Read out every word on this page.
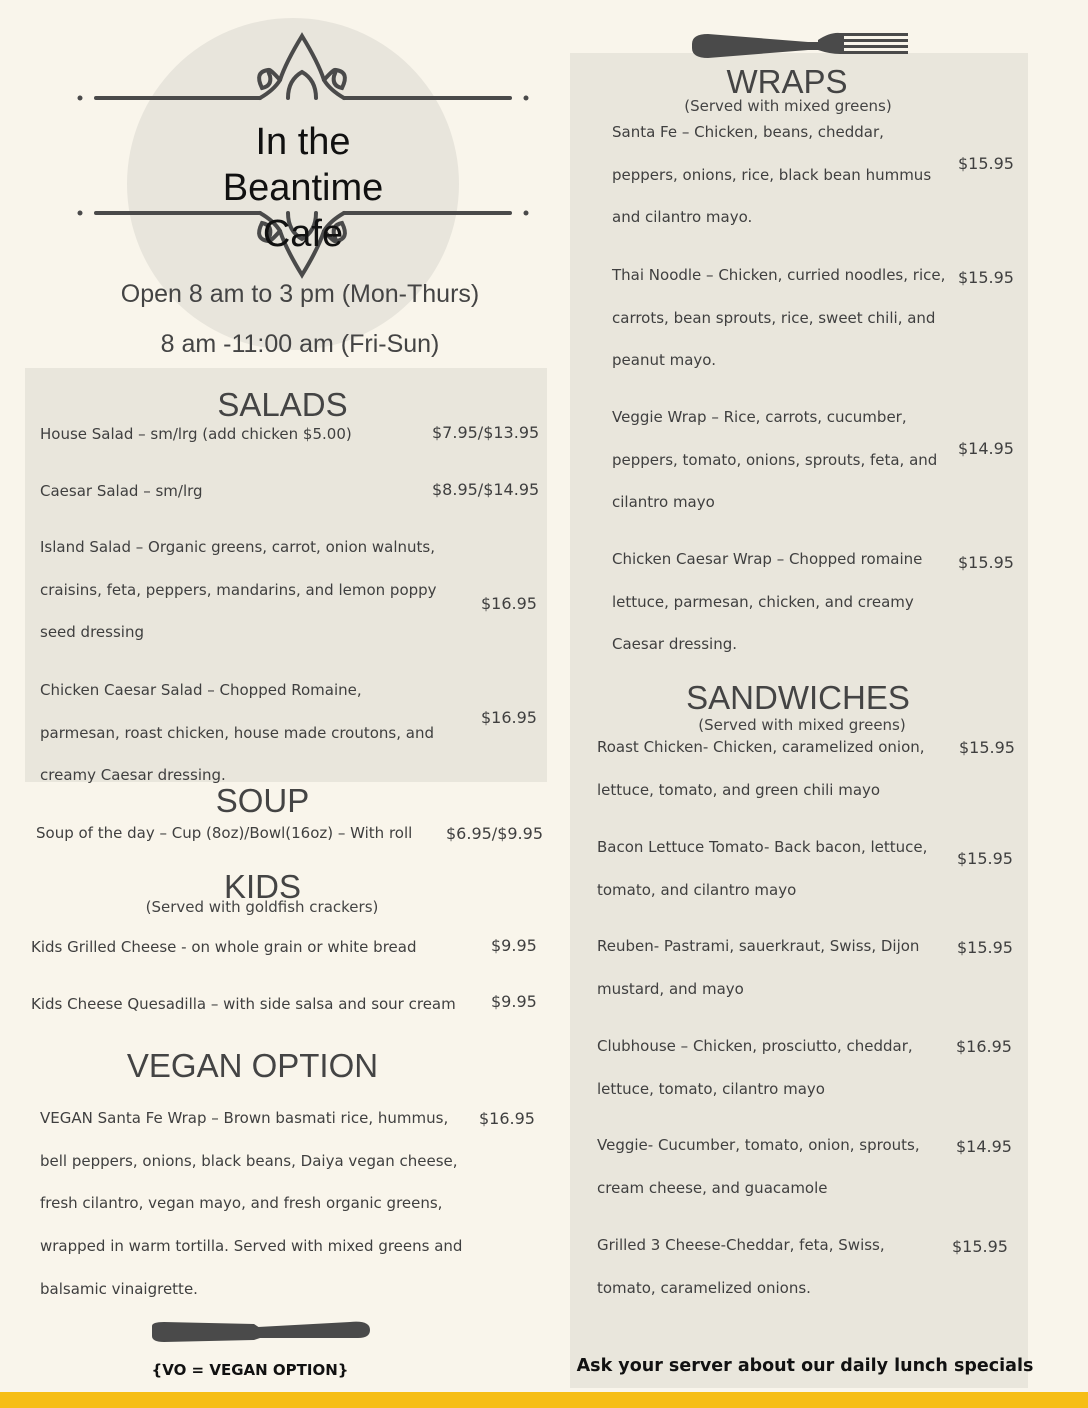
In the Beantime Cafe
Open 8 am to 3 pm (Mon-Thurs)
8 am -11:00 am (Fri-Sun)
SALADS
House Salad – sm/lrg (add chicken $5.00)	$7.95/$13.95
Caesar Salad – sm/lrg	$8.95/$14.95
Island Salad – Organic greens, carrot, onion walnuts, craisins, feta, peppers, mandarins, and lemon poppy seed dressing
$16.95
Chicken Caesar Salad – Chopped Romaine, parmesan, roast chicken, house made croutons, and creamy Caesar dressing.
$16.95
SOUP
Soup of the day – Cup (8oz)/Bowl(16oz) – With roll	$6.95/$9.95
KIDS
(Served with goldfish crackers)
Kids Grilled Cheese - on whole grain or white bread	$9.95
Kids Cheese Quesadilla – with side salsa and sour cream	$9.95
VEGAN OPTION
VEGAN Santa Fe Wrap – Brown basmati rice, hummus, bell peppers, onions, black beans, Daiya vegan cheese, fresh cilantro, vegan mayo, and fresh organic greens, wrapped in warm tortilla. Served with mixed greens and balsamic vinaigrette.
$16.95
{VO = VEGAN OPTION}
WRAPS
(Served with mixed greens)
Santa Fe – Chicken, beans, cheddar, peppers, onions, rice, black bean hummus and cilantro mayo.
$15.95
Thai Noodle – Chicken, curried noodles, rice, carrots, bean sprouts, rice, sweet chili, and peanut mayo.
$15.95
Veggie Wrap – Rice, carrots, cucumber, peppers, tomato, onions, sprouts, feta, and cilantro mayo
$14.95
Chicken Caesar Wrap – Chopped romaine lettuce, parmesan, chicken, and creamy Caesar dressing.
$15.95
SANDWICHES
(Served with mixed greens)
Roast Chicken- Chicken, caramelized onion, lettuce, tomato, and green chili mayo
$15.95
Bacon Lettuce Tomato- Back bacon, lettuce, tomato, and cilantro mayo
$15.95
Reuben- Pastrami, sauerkraut, Swiss, Dijon mustard, and mayo
$15.95
Clubhouse – Chicken, prosciutto, cheddar, lettuce, tomato, cilantro mayo
$16.95
Veggie- Cucumber, tomato, onion, sprouts, cream cheese, and guacamole
$14.95
Grilled 3 Cheese-Cheddar, feta, Swiss, tomato, caramelized onions.
$15.95
Ask your server about our daily lunch specials
